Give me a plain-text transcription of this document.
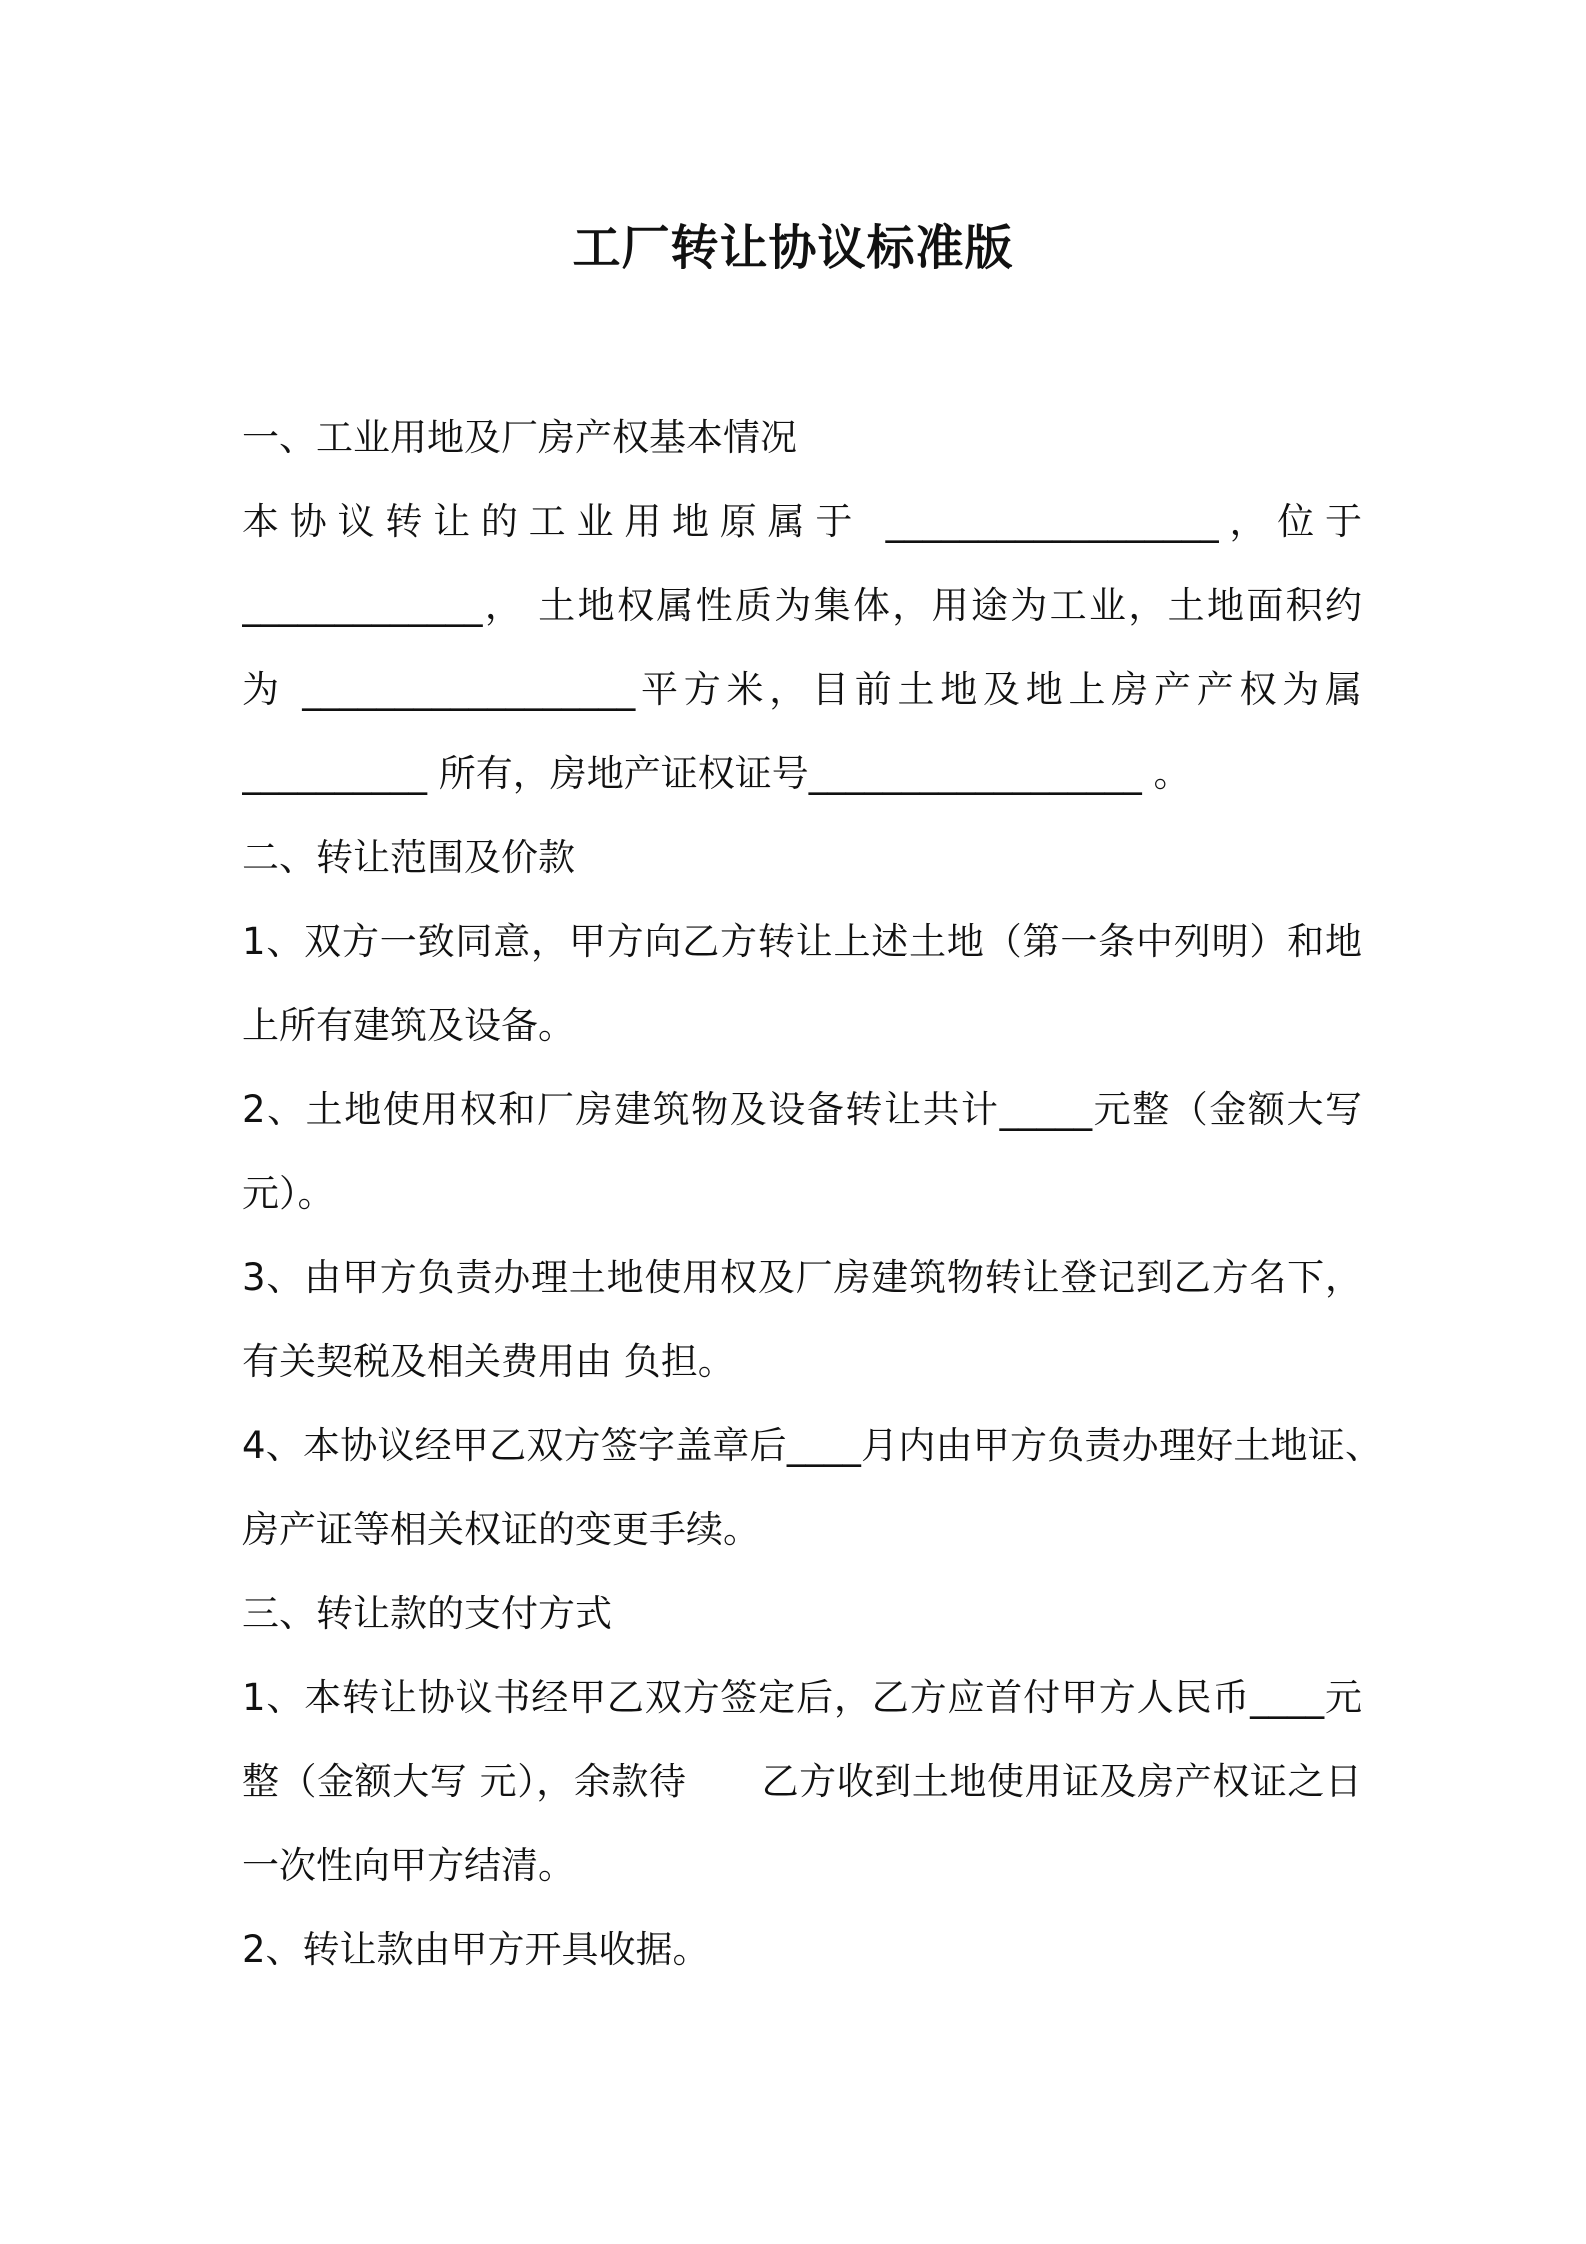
工厂转让协议标准版
一、工业用地及厂房产权基本情况
本协议转让的工业用地原属于 __________________，位于
_____________， 土地权属性质为集体，用途为工业，土地面积约
为 __________________平方米，目前土地及地上房产产权为属
__________ 所有，房地产证权证号__________________ 。
二、转让范围及价款
1、双方一致同意，甲方向乙方转让上述土地（第一条中列明）和地
上所有建筑及设备。
2、土地使用权和厂房建筑物及设备转让共计_____元整（金额大写
元）。
3、由甲方负责办理土地使用权及厂房建筑物转让登记到乙方名下，
有关契税及相关费用由 负担。
4、本协议经甲乙双方签字盖章后____月内由甲方负责办理好土地证、
房产证等相关权证的变更手续。
三、转让款的支付方式
1、本转让协议书经甲乙双方签定后，乙方应首付甲方人民币____元
整（金额大写 元），余款待　　乙方收到土地使用证及房产权证之日
一次性向甲方结清。
2、转让款由甲方开具收据。
